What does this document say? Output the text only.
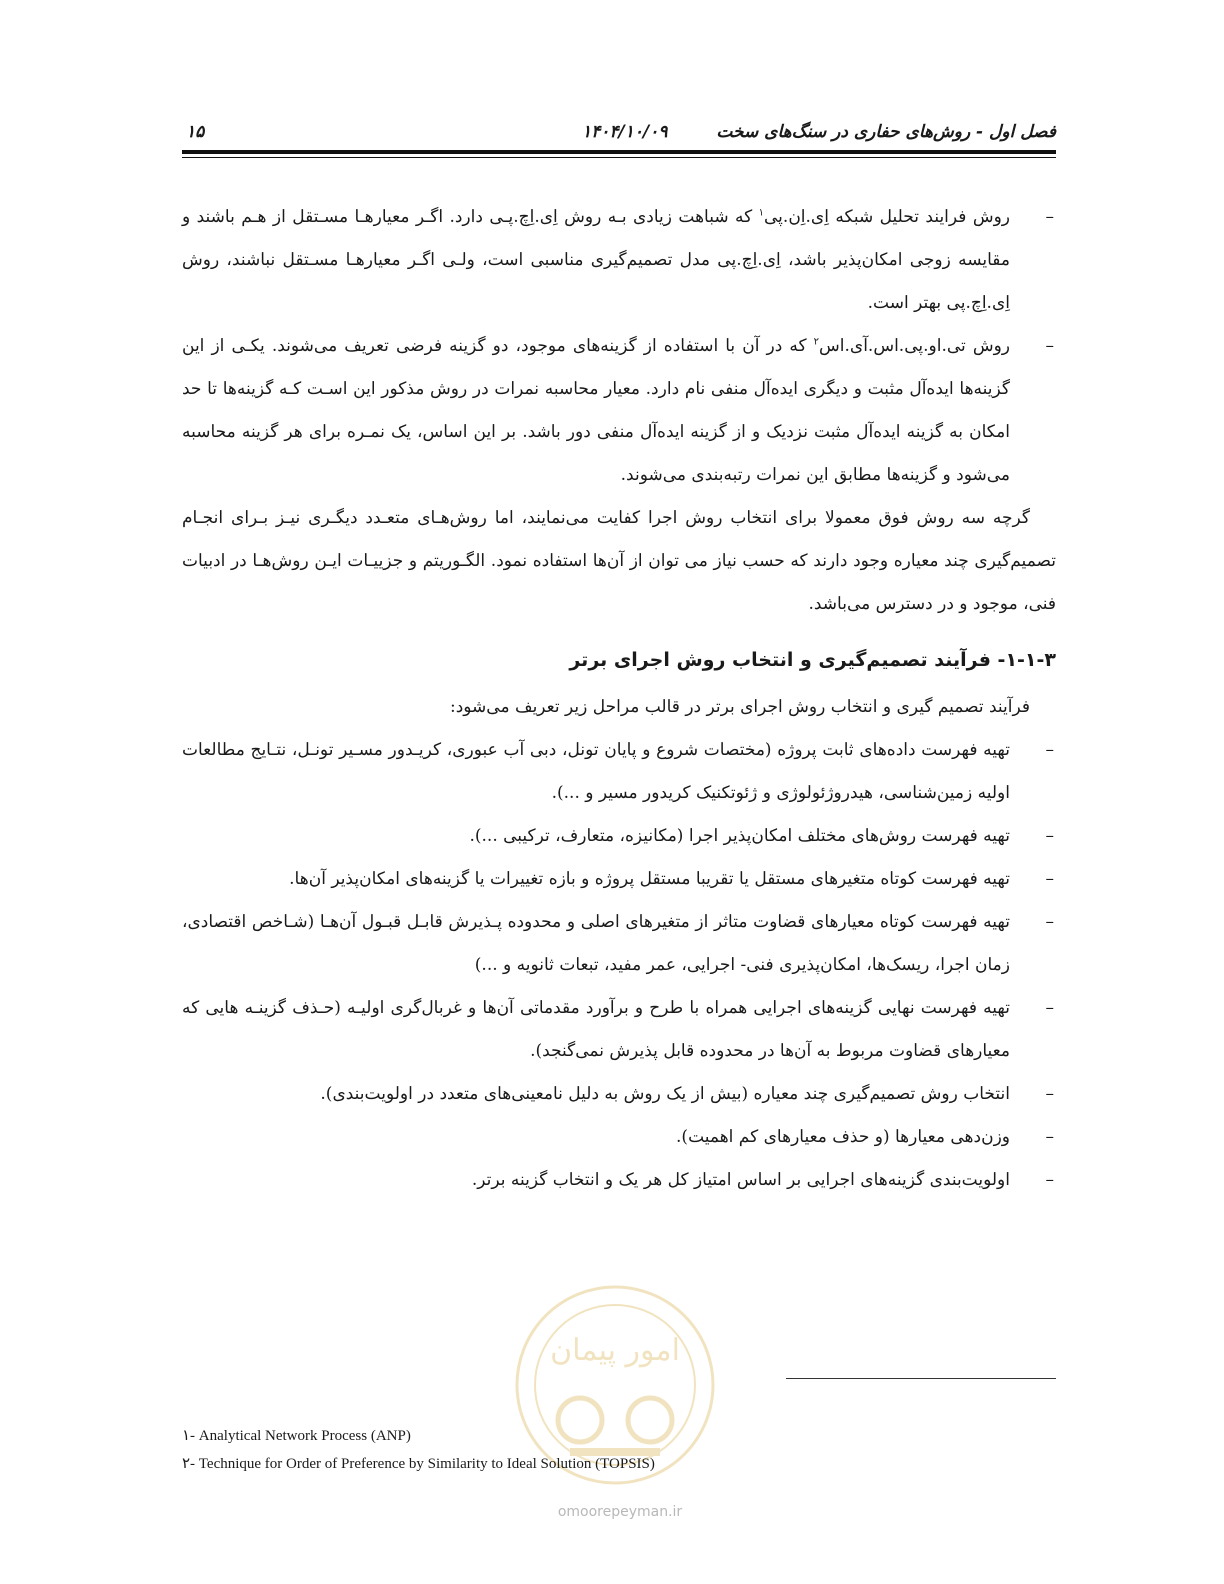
فصل اول - روش‌های حفاری در سنگ‌های سخت
۱۴۰۴/۱۰/۰۹
۱۵
–
روش فرایند تحلیل شبکه اِی.اِن.پی$^۱$ که شباهت زیادی بـه روش اِی.اِچ.پـی دارد. اگـر معیارهـا مسـتقل از هـم باشند و مقایسه زوجی امکان‌پذیر باشد، اِی.اِچ.پی مدل تصمیم‌گیری مناسبی است، ولـی اگـر معیارهـا مسـتقل نباشند، روش اِی.اِچ.پی بهتر است.
–
روش تی.او.پی.اس.آی.اس$^۲$ که در آن با استفاده از گزینه‌های موجود، دو گزینه فرضی تعریف می‌شوند. یکـی از این گزینه‌ها ایده‌آل مثبت و دیگری ایده‌آل منفی نام دارد. معیار محاسبه نمرات در روش مذکور این اسـت کـه گزینه‌ها تا حد امکان به گزینه ایده‌آل مثبت نزدیک و از گزینه ایده‌آل منفی دور باشد. بر این اساس، یک نمـره برای هر گزینه محاسبه می‌شود و گزینه‌ها مطابق این نمرات رتبه‌بندی می‌شوند.

گرچه سه روش فوق معمولا برای انتخاب روش اجرا کفایت می‌نمایند، اما روش‌هـای متعـدد دیگـری نیـز بـرای انجـام تصمیم‌گیری چند معیاره وجود دارند که حسب نیاز می توان از آن‌ها استفاده نمود. الگـوریتم و جزییـات ایـن روش‌هـا در ادبیات فنی، موجود و در دسترس می‌باشد.

۱-۱-۳- فرآیند تصمیم‌گیری و انتخاب روش اجرای برتر

فرآیند تصمیم گیری و انتخاب روش اجرای برتر در قالب مراحل زیر تعریف می‌شود:

–
تهیه فهرست داده‌های ثابت پروژه (مختصات شروع و پایان تونل، دبی آب عبوری، کریـدور مسـیر تونـل، نتـایج مطالعات اولیه زمین‌شناسی، هیدروژئولوژی و ژئوتکنیک کریدور مسیر و ...).
–
تهیه فهرست روش‌های مختلف امکان‌پذیر اجرا (مکانیزه، متعارف، ترکیبی ...).
–
تهیه فهرست کوتاه متغیرهای مستقل یا تقریبا مستقل پروژه و بازه تغییرات یا گزینه‌های امکان‌پذیر آن‌ها.
–
تهیه فهرست کوتاه معیارهای قضاوت متاثر از متغیرهای اصلی و محدوده پـذیرش قابـل قبـول آن‌هـا (شـاخص اقتصادی، زمان اجرا، ریسک‌ها، امکان‌پذیری فنی- اجرایی، عمر مفید، تبعات ثانویه و ...)
–
تهیه فهرست نهایی گزینه‌های اجرایی همراه با طرح و برآورد مقدماتی آن‌ها و غربال‌گری اولیـه (حـذف گزینـه هایی که معیارهای قضاوت مربوط به آن‌ها در محدوده قابل پذیرش نمی‌گنجد).
–
انتخاب روش تصمیم‌گیری چند معیاره (بیش از یک روش به دلیل نامعینی‌های متعدد در اولویت‌بندی).
–
وزن‌دهی معیارها (و حذف معیارهای کم اهمیت).
–
اولویت‌بندی گزینه‌های اجرایی بر اساس امتیاز کل هر یک و انتخاب گزینه برتر.
امور پیمان
omoorepeyman.ir
۱- Analytical Network Process (ANP)
۲- Technique for Order of Preference by Similarity to Ideal Solution (TOPSIS)
